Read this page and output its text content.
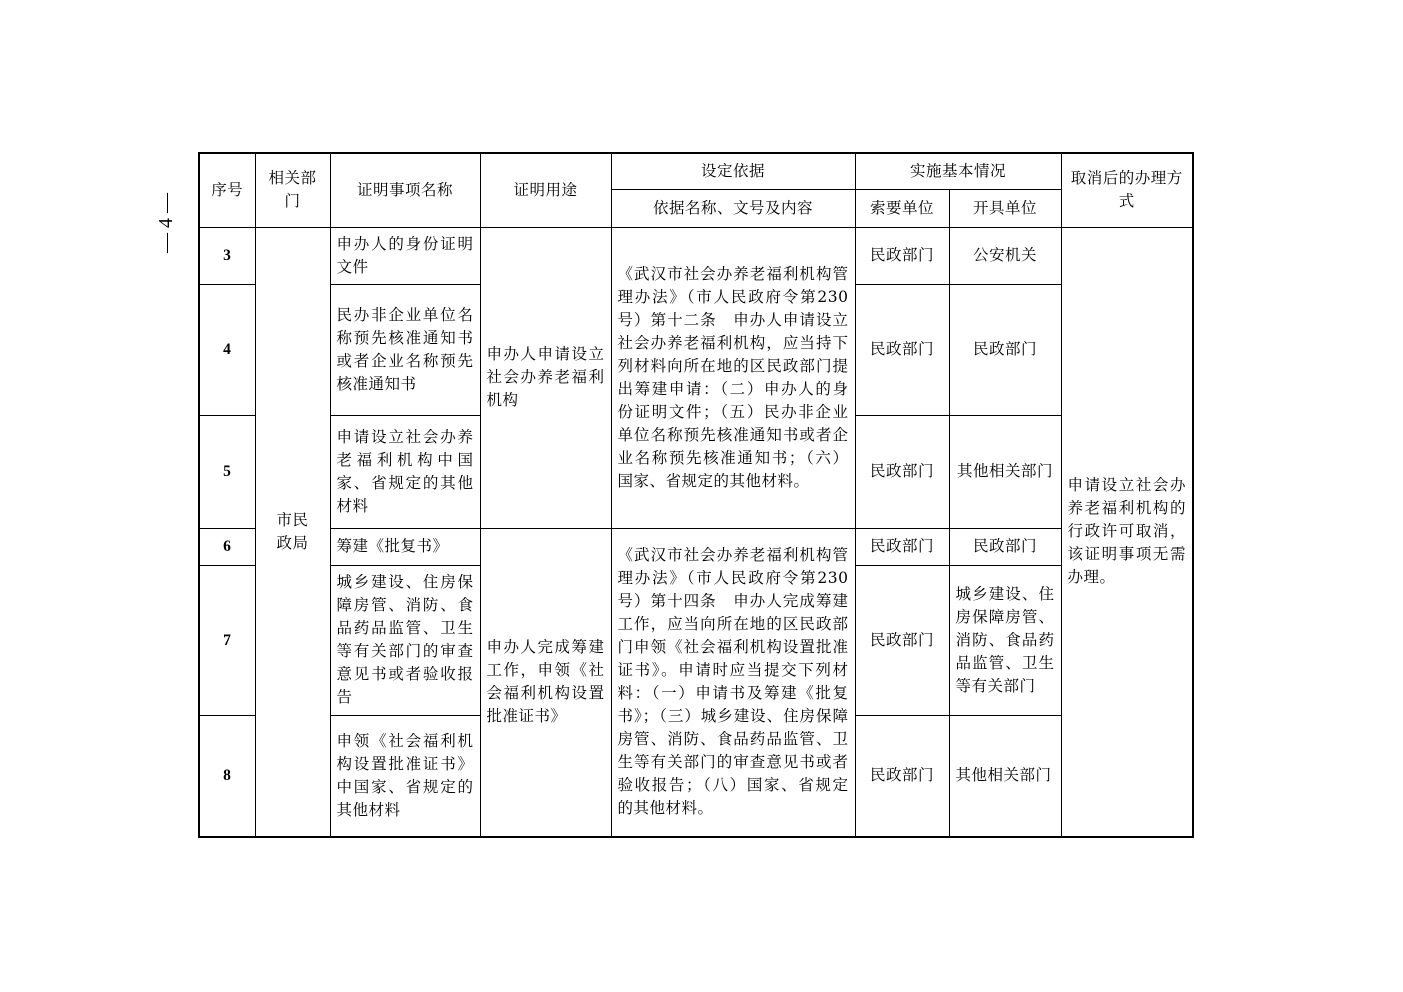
— 4 —
序号	相关部门	证明事项名称	证明用途	设定依据	实施基本情况		取消后的办理方式
				依据名称、文号及内容	索要单位	开具单位	
3	市民政局	申办人的身份证明文件	申办人申请设立社会办养老福利机构	《武汉市社会办养老福利机构管理办法》（市人民政府令第230号）第十二条　申办人申请设立社会办养老福利机构，应当持下列材料向所在地的区民政部门提出筹建申请：（二）申办人的身份证明文件；（五）民办非企业单位名称预先核准通知书或者企业名称预先核准通知书；（六）国家、省规定的其他材料。	民政部门	公安机关	申请设立社会办养老福利机构的行政许可取消，该证明事项无需办理。
4		民办非企业单位名称预先核准通知书或者企业名称预先核准通知书			民政部门	民政部门	
5		申请设立社会办养老福利机构中国家、省规定的其他材料			民政部门	其他相关部门	
6		筹建《批复书》	申办人完成筹建工作，申领《社会福利机构设置批准证书》	《武汉市社会办养老福利机构管理办法》（市人民政府令第230号）第十四条　申办人完成筹建工作，应当向所在地的区民政部门申领《社会福利机构设置批准证书》。申请时应当提交下列材料：（一）申请书及筹建《批复书》；（三）城乡建设、住房保障房管、消防、食品药品监管、卫生等有关部门的审查意见书或者验收报告；（八）国家、省规定的其他材料。	民政部门	民政部门	
7		城乡建设、住房保障房管、消防、食品药品监管、卫生等有关部门的审查意见书或者验收报告			民政部门	城乡建设、住房保障房管、消防、食品药品监管、卫生等有关部门	
8		申领《社会福利机构设置批准证书》中国家、省规定的其他材料			民政部门	其他相关部门	
